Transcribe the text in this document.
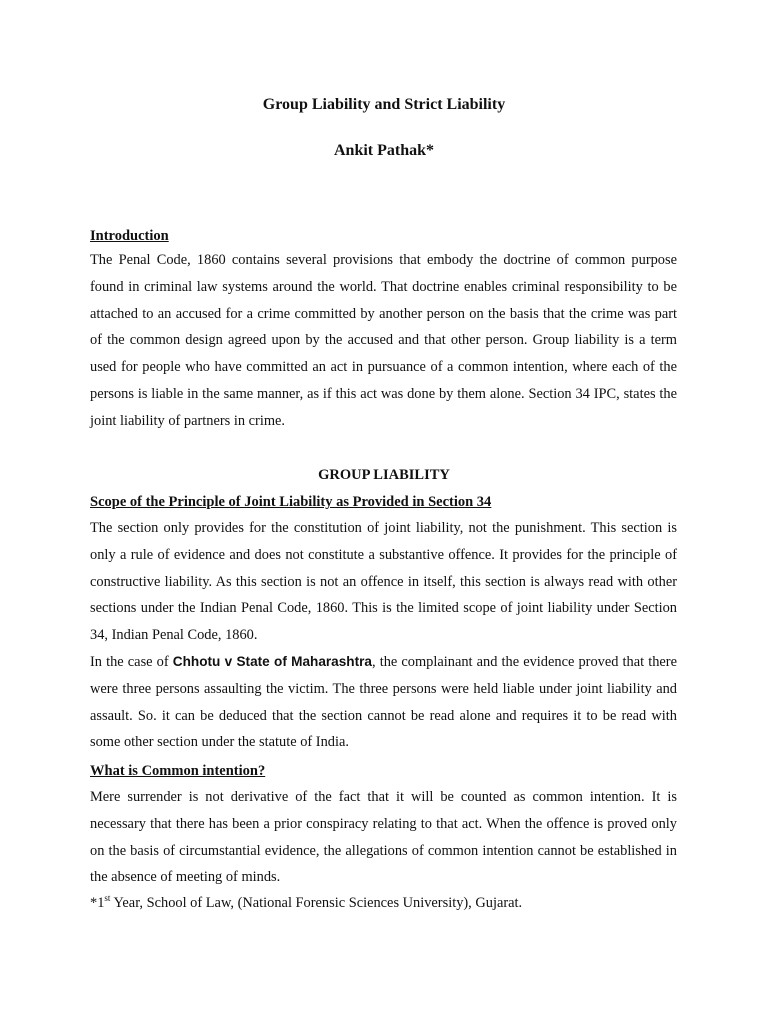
Group Liability and Strict Liability
Ankit Pathak*
Introduction

The Penal Code, 1860 contains several provisions that embody the doctrine of common purpose found in criminal law systems around the world. That doctrine enables criminal responsibility to be attached to an accused for a crime committed by another person on the basis that the crime was part of the common design agreed upon by the accused and that other person. Group liability is a term used for people who have committed an act in pursuance of a common intention, where each of the persons is liable in the same manner, as if this act was done by them alone. Section 34 IPC, states the joint liability of partners in crime.

GROUP LIABILITY
Scope of the Principle of Joint Liability as Provided in Section 34

The section only provides for the constitution of joint liability, not the punishment. This section is only a rule of evidence and does not constitute a substantive offence. It provides for the principle of constructive liability. As this section is not an offence in itself, this section is always read with other sections under the Indian Penal Code, 1860. This is the limited scope of joint liability under Section 34, Indian Penal Code, 1860.

In the case of Chhotu v State of Maharashtra, the complainant and the evidence proved that there were three persons assaulting the victim. The three persons were held liable under joint liability and assault. So. it can be deduced that the section cannot be read alone and requires it to be read with some other section under the statute of India.

What is Common intention?

Mere surrender is not derivative of the fact that it will be counted as common intention. It is necessary that there has been a prior conspiracy relating to that act. When the offence is proved only on the basis of circumstantial evidence, the allegations of common intention cannot be established in the absence of meeting of minds.

*1st Year, School of Law, (National Forensic Sciences University), Gujarat.
